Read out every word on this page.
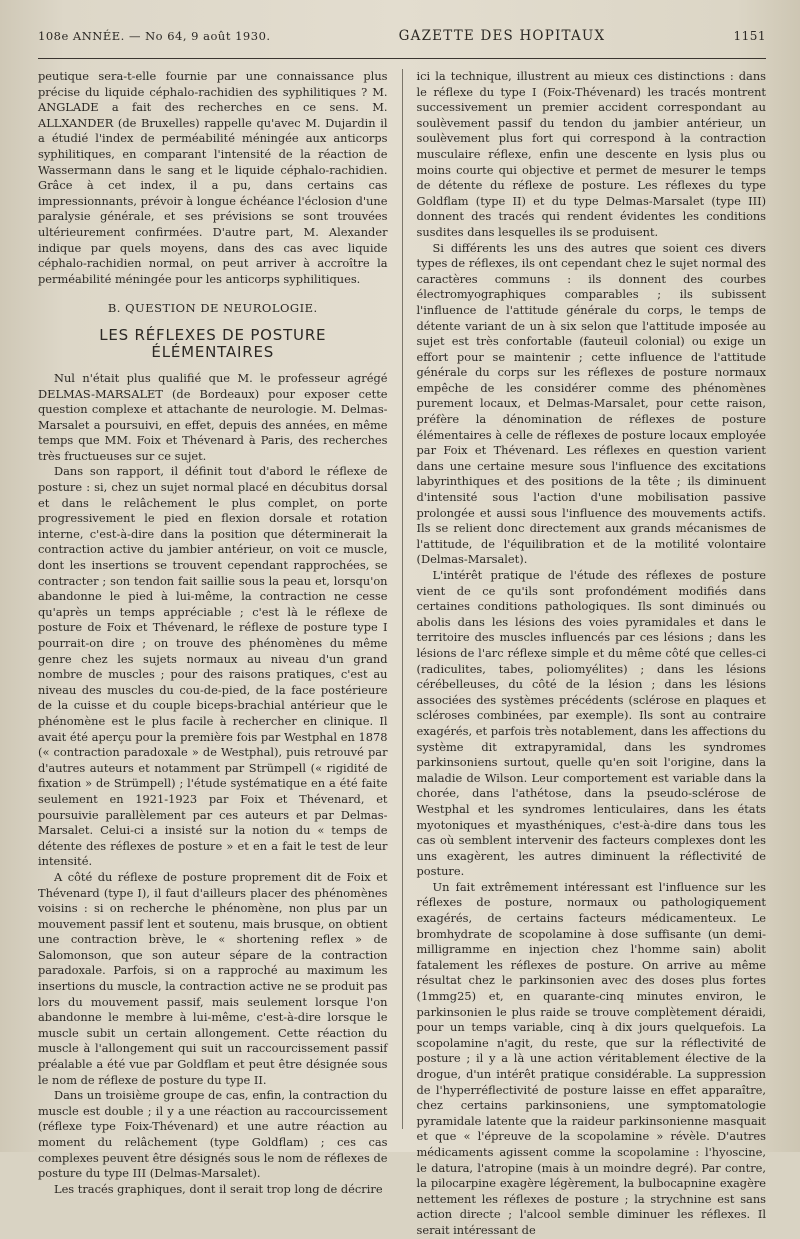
108e ANNÉE. — No 64, 9 août 1930.	GAZETTE DES HOPITAUX	1151

peutique sera-t-elle fournie par une connaissance plus précise du liquide céphalo-rachidien des syphilitiques ? M. ANGLADE a fait des recherches en ce sens. M. ALLXANDER (de Bruxelles) rappelle qu'avec M. Dujardin il a étudié l'index de perméabilité méningée aux anticorps syphilitiques, en comparant l'intensité de la réaction de Wassermann dans le sang et le liquide céphalo-rachidien. Grâce à cet index, il a pu, dans certains cas impressionnants, prévoir à longue échéance l'éclosion d'une paralysie générale, et ses prévisions se sont trouvées ultérieurement confirmées. D'autre part, M. Alexander indique par quels moyens, dans des cas avec liquide céphalo-rachidien normal, on peut arriver à accroître la perméabilité méningée pour les anticorps syphilitiques.

B. QUESTION DE NEUROLOGIE.
LES RÉFLEXES DE POSTURE
ÉLÉMENTAIRES

Nul n'était plus qualifié que M. le professeur agrégé DELMAS-MARSALET (de Bordeaux) pour exposer cette question complexe et attachante de neurologie. M. Delmas-Marsalet a poursuivi, en effet, depuis des années, en même temps que MM. Foix et Thévenard à Paris, des recherches très fructueuses sur ce sujet.

Dans son rapport, il définit tout d'abord le réflexe de posture : si, chez un sujet normal placé en décubitus dorsal et dans le relâchement le plus complet, on porte progressivement le pied en flexion dorsale et rotation interne, c'est-à-dire dans la position que déterminerait la contraction active du jambier antérieur, on voit ce muscle, dont les insertions se trouvent cependant rapprochées, se contracter ; son tendon fait saillie sous la peau et, lorsqu'on abandonne le pied à lui-même, la contraction ne cesse qu'après un temps appréciable ; c'est là le réflexe de posture de Foix et Thévenard, le réflexe de posture type I pourrait-on dire ; on trouve des phénomènes du même genre chez les sujets normaux au niveau d'un grand nombre de muscles ; pour des raisons pratiques, c'est au niveau des muscles du cou-de-pied, de la face postérieure de la cuisse et du couple biceps-brachial antérieur que le phénomène est le plus facile à rechercher en clinique. Il avait été aperçu pour la première fois par Westphal en 1878 (« contraction paradoxale » de Westphal), puis retrouvé par d'autres auteurs et notamment par Strümpell (« rigidité de fixation » de Strümpell) ; l'étude systématique en a été faite seulement en 1921-1923 par Foix et Thévenard, et poursuivie parallèlement par ces auteurs et par Delmas-Marsalet. Celui-ci a insisté sur la notion du « temps de détente des réflexes de posture » et en a fait le test de leur intensité.

A côté du réflexe de posture proprement dit de Foix et Thévenard (type I), il faut d'ailleurs placer des phénomènes voisins : si on recherche le phénomène, non plus par un mouvement passif lent et soutenu, mais brusque, on obtient une contraction brève, le « shortening reflex » de Salomonson, que son auteur sépare de la contraction paradoxale. Parfois, si on a rapproché au maximum les insertions du muscle, la contraction active ne se produit pas lors du mouvement passif, mais seulement lorsque l'on abandonne le membre à lui-même, c'est-à-dire lorsque le muscle subit un certain allongement. Cette réaction du muscle à l'allongement qui suit un raccourcissement passif préalable a été vue par Goldflam et peut être désignée sous le nom de réflexe de posture du type II.

Dans un troisième groupe de cas, enfin, la contraction du muscle est double ; il y a une réaction au raccourcissement (réflexe type Foix-Thévenard) et une autre réaction au moment du relâchement (type Goldflam) ; ces cas complexes peuvent être désignés sous le nom de réflexes de posture du type III (Delmas-Marsalet).

Les tracés graphiques, dont il serait trop long de décrire

ici la technique, illustrent au mieux ces distinctions : dans le réflexe du type I (Foix-Thévenard) les tracés montrent successivement un premier accident correspondant au soulèvement passif du tendon du jambier antérieur, un soulèvement plus fort qui correspond à la contraction musculaire réflexe, enfin une descente en lysis plus ou moins courte qui objective et permet de mesurer le temps de détente du réflexe de posture. Les réflexes du type Goldflam (type II) et du type Delmas-Marsalet (type III) donnent des tracés qui rendent évidentes les conditions susdites dans lesquelles ils se produisent.

Si différents les uns des autres que soient ces divers types de réflexes, ils ont cependant chez le sujet normal des caractères communs : ils donnent des courbes électromyographiques comparables ; ils subissent l'influence de l'attitude générale du corps, le temps de détente variant de un à six selon que l'attitude imposée au sujet est très confortable (fauteuil colonial) ou exige un effort pour se maintenir ; cette influence de l'attitude générale du corps sur les réflexes de posture normaux empêche de les considérer comme des phénomènes purement locaux, et Delmas-Marsalet, pour cette raison, préfère la dénomination de réflexes de posture élémentaires à celle de réflexes de posture locaux employée par Foix et Thévenard. Les réflexes en question varient dans une certaine mesure sous l'influence des excitations labyrinthiques et des positions de la tête ; ils diminuent d'intensité sous l'action d'une mobilisation passive prolongée et aussi sous l'influence des mouvements actifs. Ils se relient donc directement aux grands mécanismes de l'attitude, de l'équilibration et de la motilité volontaire (Delmas-Marsalet).

L'intérêt pratique de l'étude des réflexes de posture vient de ce qu'ils sont profondément modifiés dans certaines conditions pathologiques. Ils sont diminués ou abolis dans les lésions des voies pyramidales et dans le territoire des muscles influencés par ces lésions ; dans les lésions de l'arc réflexe simple et du même côté que celles-ci (radiculites, tabes, poliomyélites) ; dans les lésions cérébelleuses, du côté de la lésion ; dans les lésions associées des systèmes précédents (sclérose en plaques et scléroses combinées, par exemple). Ils sont au contraire exagérés, et parfois très notablement, dans les affections du système dit extrapyramidal, dans les syndromes parkinsoniens surtout, quelle qu'en soit l'origine, dans la maladie de Wilson. Leur comportement est variable dans la chorée, dans l'athétose, dans la pseudo-sclérose de Westphal et les syndromes lenticulaires, dans les états myotoniques et myasthéniques, c'est-à-dire dans tous les cas où semblent intervenir des facteurs complexes dont les uns exagèrent, les autres diminuent la réflectivité de posture.

Un fait extrêmement intéressant est l'influence sur les réflexes de posture, normaux ou pathologiquement exagérés, de certains facteurs médicamenteux. Le bromhydrate de scopolamine à dose suffisante (un demi-milligramme en injection chez l'homme sain) abolit fatalement les réflexes de posture. On arrive au même résultat chez le parkinsonien avec des doses plus fortes (1mmg25) et, en quarante-cinq minutes environ, le parkinsonien le plus raide se trouve complètement déraidi, pour un temps variable, cinq à dix jours quelquefois. La scopolamine n'agit, du reste, que sur la réflectivité de posture ; il y a là une action véritablement élective de la drogue, d'un intérêt pratique considérable. La suppression de l'hyperréflectivité de posture laisse en effet apparaître, chez certains parkinsoniens, une symptomatologie pyramidale latente que la raideur parkinsonienne masquait et que « l'épreuve de la scopolamine » révèle. D'autres médicaments agissent comme la scopolamine : l'hyoscine, le datura, l'atropine (mais à un moindre degré). Par contre, la pilocarpine exagère légèrement, la bulbocapnine exagère nettement les réflexes de posture ; la strychnine est sans action directe ; l'alcool semble diminuer les réflexes. Il serait intéressant de
